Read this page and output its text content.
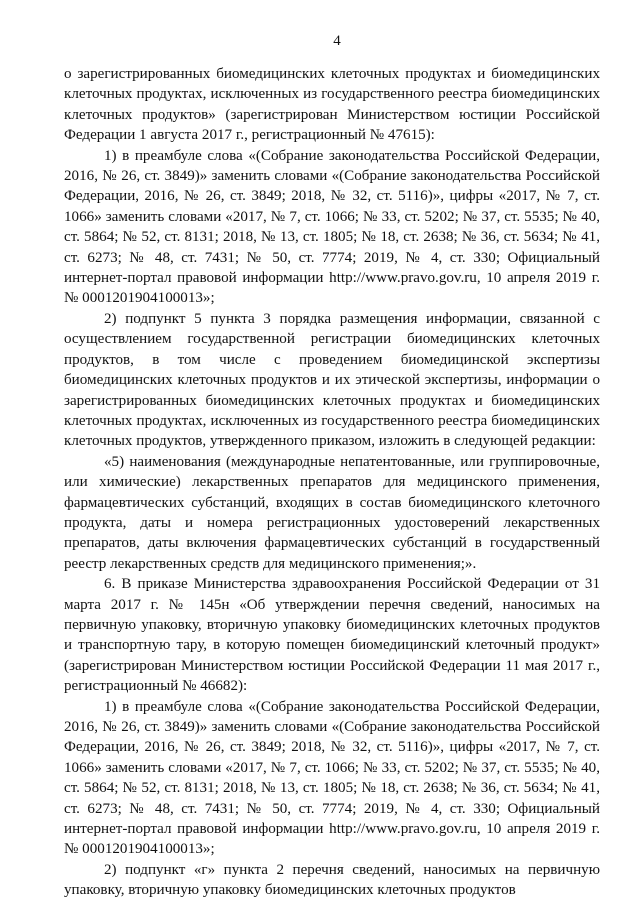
4

о зарегистрированных биомедицинских клеточных продуктах и биомедицинских клеточных продуктах, исключенных из государственного реестра биомедицинских клеточных продуктов» (зарегистрирован Министерством юстиции Российской Федерации 1 августа 2017 г., регистрационный № 47615):

1) в преамбуле слова «(Собрание законодательства Российской Федерации, 2016, № 26, ст. 3849)» заменить словами «(Собрание законодательства Российской Федерации, 2016, № 26, ст. 3849; 2018, № 32, ст. 5116)», цифры «2017, № 7, ст. 1066» заменить словами «2017, № 7, ст. 1066; № 33, ст. 5202; № 37, ст. 5535; № 40, ст. 5864; № 52, ст. 8131; 2018, № 13, ст. 1805; № 18, ст. 2638; № 36, ст. 5634; № 41, ст. 6273; № 48, ст. 7431; № 50, ст. 7774; 2019, № 4, ст. 330; Официальный интернет-портал правовой информации http://www.pravo.gov.ru, 10 апреля 2019 г. № 0001201904100013»;

2) подпункт 5 пункта 3 порядка размещения информации, связанной с осуществлением государственной регистрации биомедицинских клеточных продуктов, в том числе с проведением биомедицинской экспертизы биомедицинских клеточных продуктов и их этической экспертизы, информации о зарегистрированных биомедицинских клеточных продуктах и биомедицинских клеточных продуктах, исключенных из государственного реестра биомедицинских клеточных продуктов, утвержденного приказом, изложить в следующей редакции:

«5) наименования (международные непатентованные, или группировочные, или химические) лекарственных препаратов для медицинского применения, фармацевтических субстанций, входящих в состав биомедицинского клеточного продукта, даты и номера регистрационных удостоверений лекарственных препаратов, даты включения фармацевтических субстанций в государственный реестр лекарственных средств для медицинского применения;».

6. В приказе Министерства здравоохранения Российской Федерации от 31 марта 2017 г. № 145н «Об утверждении перечня сведений, наносимых на первичную упаковку, вторичную упаковку биомедицинских клеточных продуктов и транспортную тару, в которую помещен биомедицинский клеточный продукт» (зарегистрирован Министерством юстиции Российской Федерации 11 мая 2017 г., регистрационный № 46682):

1) в преамбуле слова «(Собрание законодательства Российской Федерации, 2016, № 26, ст. 3849)» заменить словами «(Собрание законодательства Российской Федерации, 2016, № 26, ст. 3849; 2018, № 32, ст. 5116)», цифры «2017, № 7, ст. 1066» заменить словами «2017, № 7, ст. 1066; № 33, ст. 5202; № 37, ст. 5535; № 40, ст. 5864; № 52, ст. 8131; 2018, № 13, ст. 1805; № 18, ст. 2638; № 36, ст. 5634; № 41, ст. 6273; № 48, ст. 7431; № 50, ст. 7774; 2019, № 4, ст. 330; Официальный интернет-портал правовой информации http://www.pravo.gov.ru, 10 апреля 2019 г. № 0001201904100013»;

2) подпункт «г» пункта 2 перечня сведений, наносимых на первичную упаковку, вторичную упаковку биомедицинских клеточных продуктов
